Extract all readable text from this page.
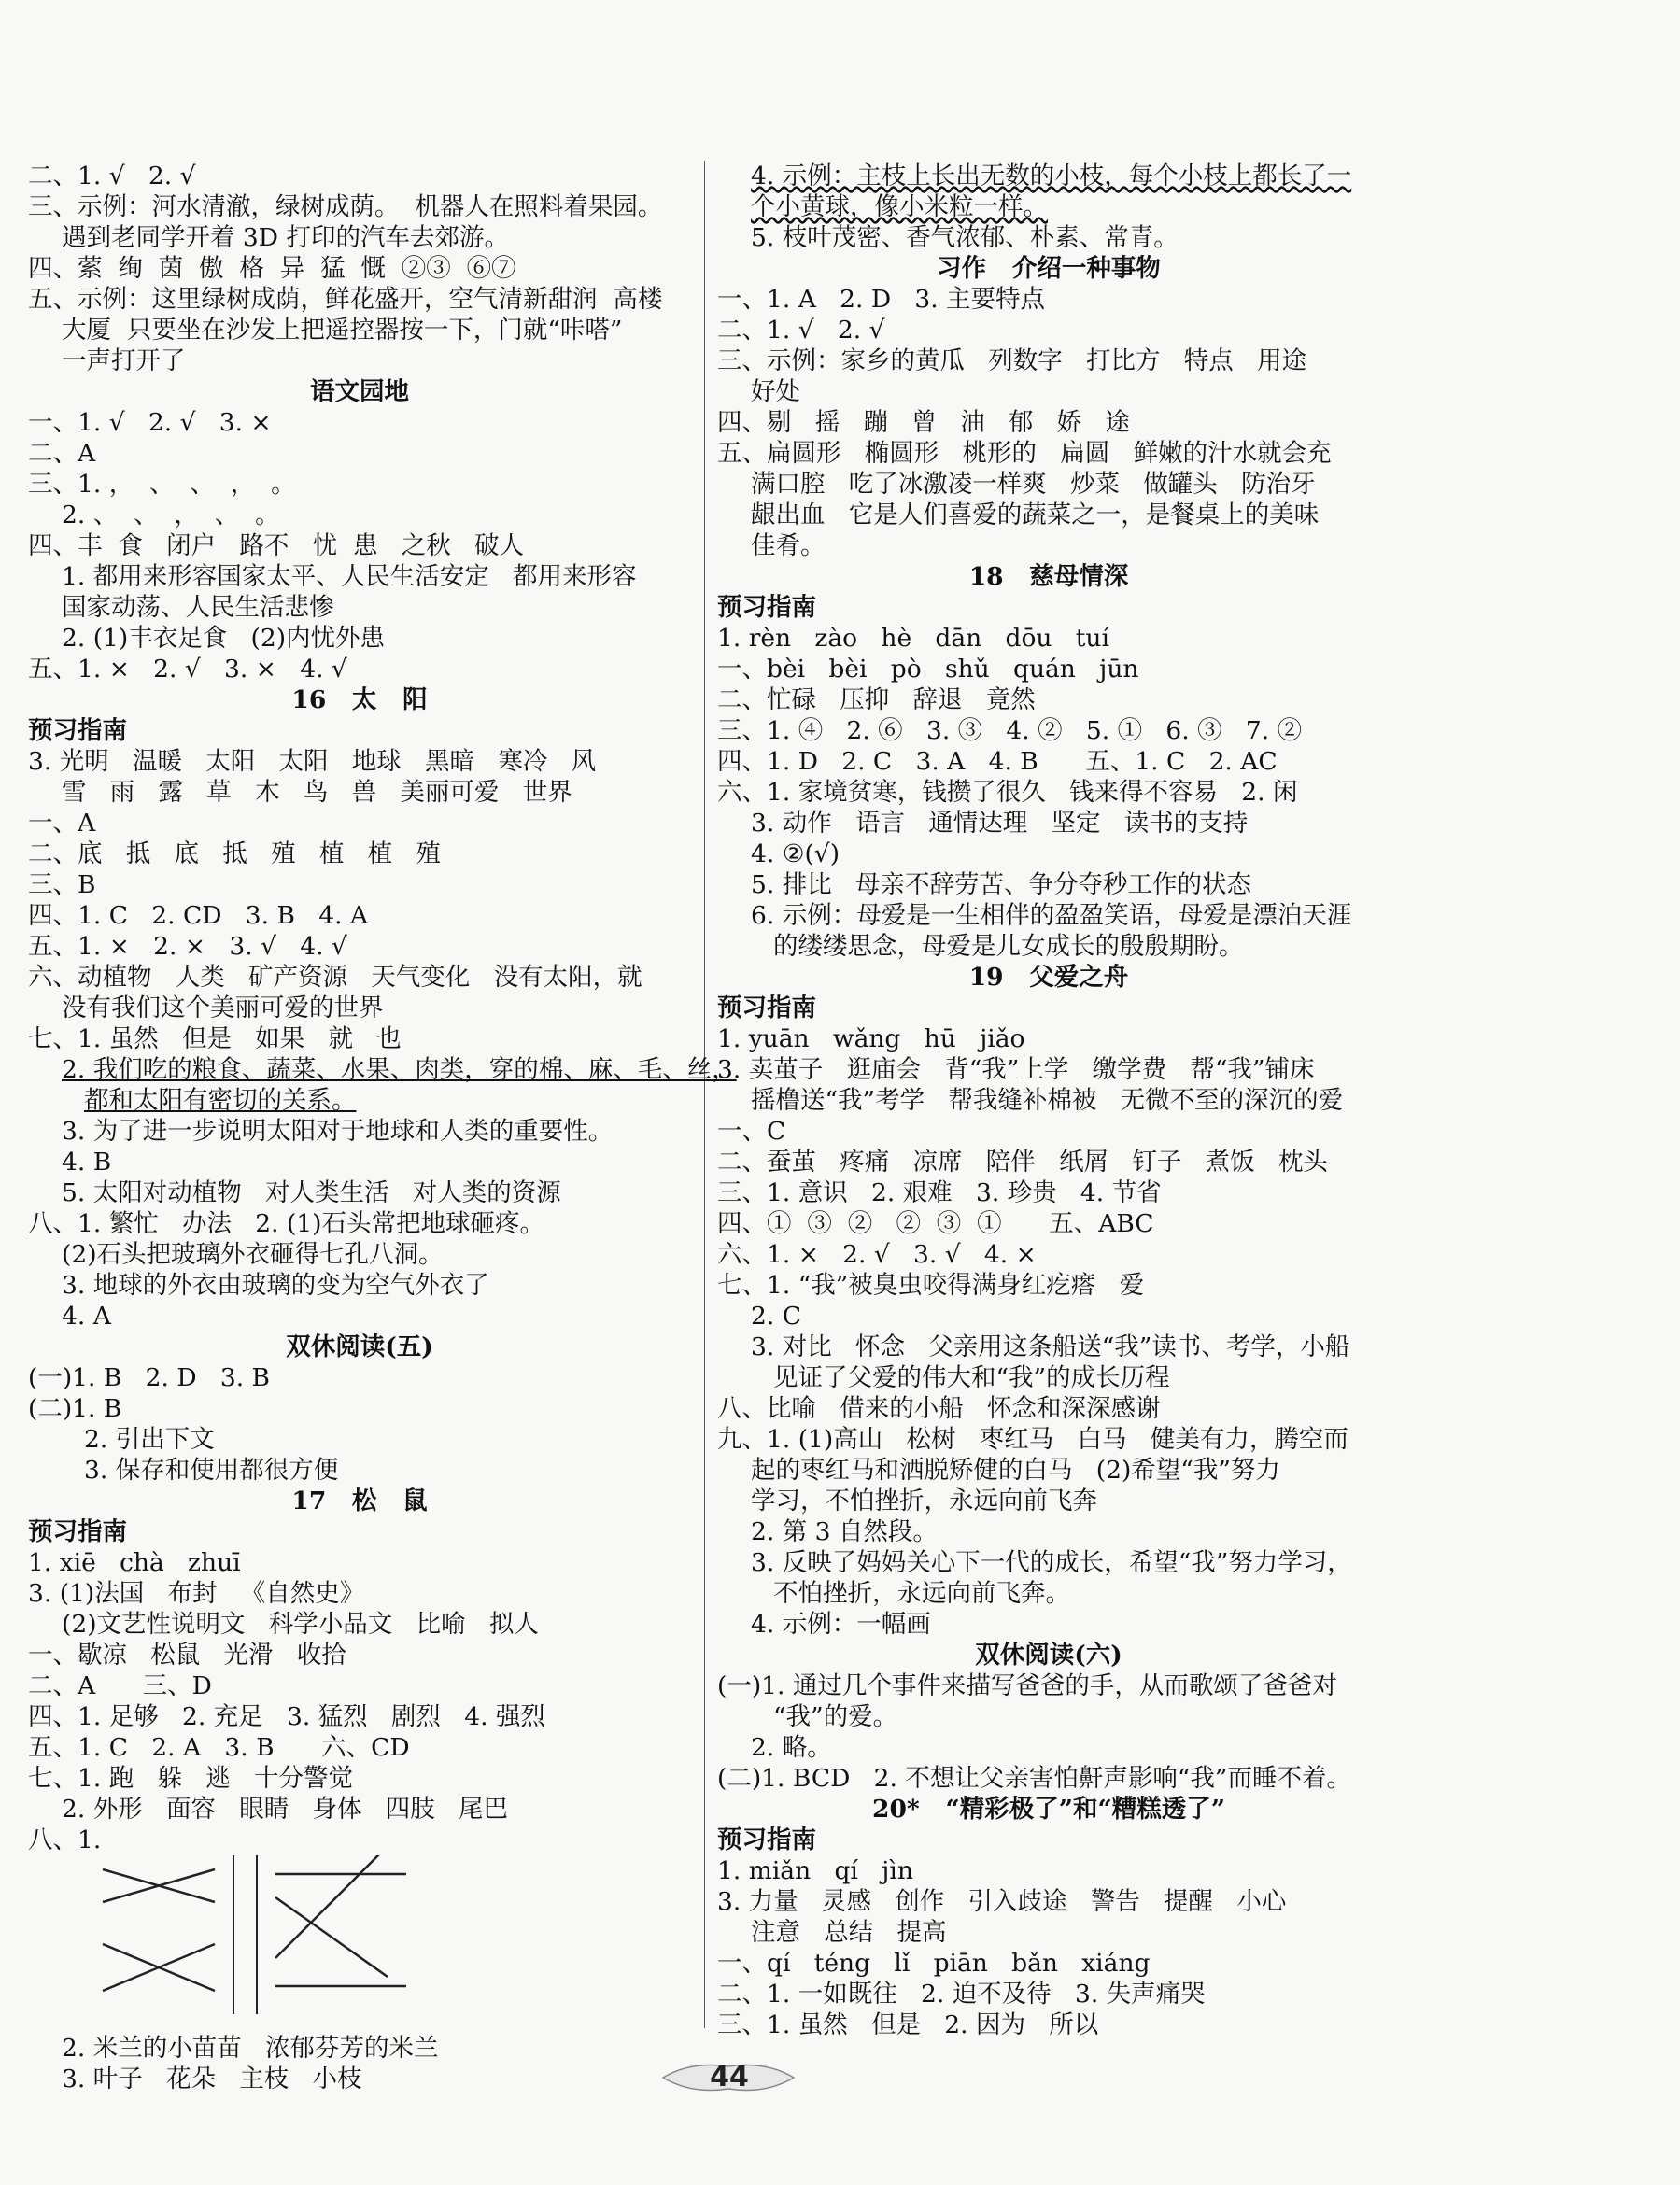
二、1. √   2. √
三、示例：河水清澈，绿树成荫。  机器人在照料着果园。
遇到老同学开着 3D 打印的汽车去郊游。
四、萦  绚  茵  傲  格  异  猛  慨  ②③  ⑥⑦
五、示例：这里绿树成荫，鲜花盛开，空气清新甜润  高楼
大厦  只要坐在沙发上把遥控器按一下，门就“咔嗒”
一声打开了
语文园地
一、1. √   2. √   3. ×
二、A
三、1. ，  、  、  ，  。
2. 、  、  ，  、  。
四、丰  食   闭户   路不   忧  患   之秋   破人
1. 都用来形容国家太平、人民生活安定   都用来形容
国家动荡、人民生活悲惨
2. (1)丰衣足食   (2)内忧外患
五、1. ×   2. √   3. ×   4. √
16   太   阳
预习指南
3. 光明   温暖   太阳   太阳   地球   黑暗   寒冷   风
雪   雨   露   草   木   鸟   兽   美丽可爱   世界
一、A
二、底   抵   底   抵   殖   植   植   殖
三、B
四、1. C   2. CD   3. B   4. A
五、1. ×   2. ×   3. √   4. √
六、动植物   人类   矿产资源   天气变化   没有太阳，就
没有我们这个美丽可爱的世界
七、1. 虽然   但是   如果   就   也
2. 我们吃的粮食、蔬菜、水果、肉类，穿的棉、麻、毛、丝，
都和太阳有密切的关系。
3. 为了进一步说明太阳对于地球和人类的重要性。
4. B
5. 太阳对动植物   对人类生活   对人类的资源
八、1. 繁忙   办法   2. (1)石头常把地球砸疼。
(2)石头把玻璃外衣砸得七孔八洞。
3. 地球的外衣由玻璃的变为空气外衣了
4. A
双休阅读(五)
(一)1. B   2. D   3. B
(二)1. B
2. 引出下文
3. 保存和使用都很方便
17   松   鼠
预习指南
1. xiē   chà   zhuī
3. (1)法国   布封   《自然史》
(2)文艺性说明文   科学小品文   比喻   拟人
一、歇凉   松鼠   光滑   收拾
二、A      三、D
四、1. 足够   2. 充足   3. 猛烈   剧烈   4. 强烈
五、1. C   2. A   3. B      六、CD
七、1. 跑   躲   逃   十分警觉
2. 外形   面容   眼睛   身体   四肢   尾巴
八、1.
2. 米兰的小苗苗   浓郁芬芳的米兰
3. 叶子   花朵   主枝   小枝
4. 示例：主枝上长出无数的小枝，每个小枝上都长了一
个小黄球，像小米粒一样。
5. 枝叶茂密、香气浓郁、朴素、常青。
习作   介绍一种事物
一、1. A   2. D   3. 主要特点
二、1. √   2. √
三、示例：家乡的黄瓜   列数字   打比方   特点   用途
好处
四、剔   摇   蹦   曾   油   郁   娇   途
五、扁圆形   椭圆形   桃形的   扁圆   鲜嫩的汁水就会充
满口腔   吃了冰激凌一样爽   炒菜   做罐头   防治牙
龈出血   它是人们喜爱的蔬菜之一，是餐桌上的美味
佳肴。
18   慈母情深
预习指南
1. rèn   zào   hè   dān   dōu   tuí
一、bèi   bèi   pò   shǔ   quán   jūn
二、忙碌   压抑   辞退   竟然
三、1. ④   2. ⑥   3. ③   4. ②   5. ①   6. ③   7. ②
四、1. D   2. C   3. A   4. B      五、1. C   2. AC
六、1. 家境贫寒，钱攒了很久   钱来得不容易   2. 闲
3. 动作   语言   通情达理   坚定   读书的支持
4. ②(√)
5. 排比   母亲不辞劳苦、争分夺秒工作的状态
6. 示例：母爱是一生相伴的盈盈笑语，母爱是漂泊天涯
的缕缕思念，母爱是儿女成长的殷殷期盼。
19   父爱之舟
预习指南
1. yuān   wǎng   hū   jiǎo
3. 卖茧子   逛庙会   背“我”上学   缴学费   帮“我”铺床
摇橹送“我”考学   帮我缝补棉被   无微不至的深沉的爱
一、C
二、蚕茧   疼痛   凉席   陪伴   纸屑   钉子   煮饭   枕头
三、1. 意识   2. 艰难   3. 珍贵   4. 节省
四、①  ③  ②   ②  ③  ①      五、ABC
六、1. ×   2. √   3. √   4. ×
七、1. “我”被臭虫咬得满身红疙瘩   爱
2. C
3. 对比   怀念   父亲用这条船送“我”读书、考学，小船
见证了父爱的伟大和“我”的成长历程
八、比喻   借来的小船   怀念和深深感谢
九、1. (1)高山   松树   枣红马   白马   健美有力，腾空而
起的枣红马和洒脱矫健的白马   (2)希望“我”努力
学习，不怕挫折，永远向前飞奔
2. 第 3 自然段。
3. 反映了妈妈关心下一代的成长，希望“我”努力学习，
不怕挫折，永远向前飞奔。
4. 示例：一幅画
双休阅读(六)
(一)1. 通过几个事件来描写爸爸的手，从而歌颂了爸爸对
“我”的爱。
2. 略。
(二)1. BCD   2. 不想让父亲害怕鼾声影响“我”而睡不着。
20*   “精彩极了”和“糟糕透了”
预习指南
1. miǎn   qí   jìn
3. 力量   灵感   创作   引入歧途   警告   提醒   小心
注意   总结   提高
一、qí   téng   lǐ   piān   bǎn   xiáng
二、1. 一如既往   2. 迫不及待   3. 失声痛哭
三、1. 虽然   但是   2. 因为   所以
44
